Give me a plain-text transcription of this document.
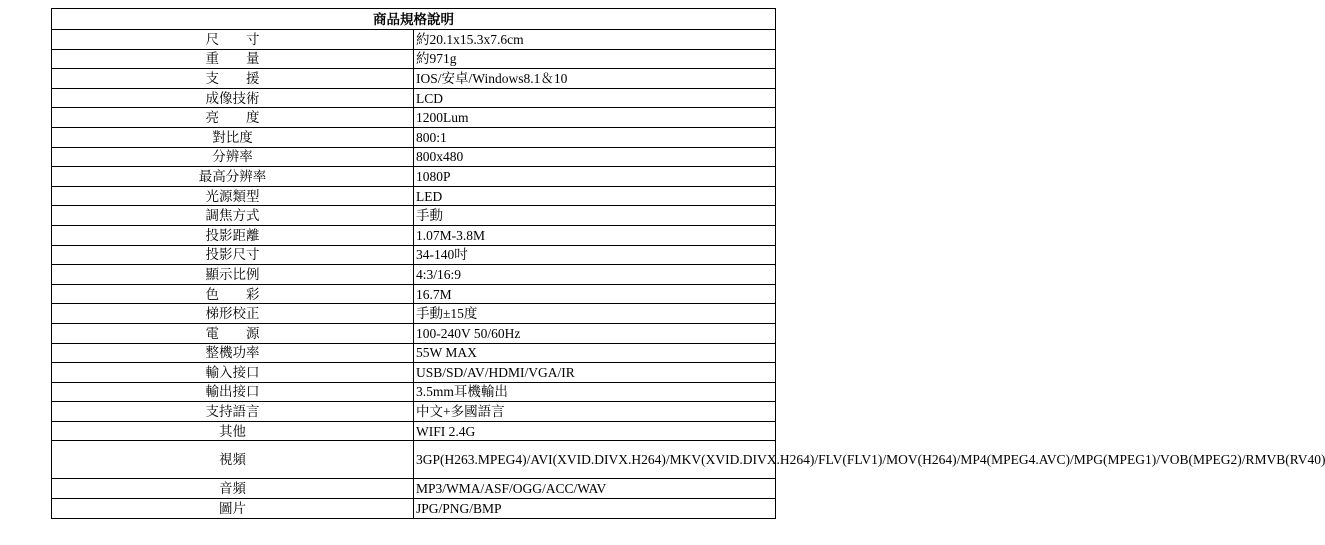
商品規格說明	
尺　　寸	約20.1x15.3x7.6cm
重　　量	約971g
支　　援	IOS/安卓/Windows8.1＆10
成像技術	LCD
亮　　度	1200Lum
對比度	800:1
分辨率	800x480
最高分辨率	1080P
光源類型	LED
調焦方式	手動
投影距離	1.07M-3.8M
投影尺寸	34-140吋
顯示比例	4:3/16:9
色　　彩	16.7M
梯形校正	手動±15度
電　　源	100-240V 50/60Hz
整機功率	55W MAX
輸入接口	USB/SD/AV/HDMI/VGA/IR
輸出接口	3.5mm耳機輸出
支持語言	中文+多國語言
其他	WIFI 2.4G
視頻	3GP(H263.MPEG4)/AVI(XVID.DIVX.H264)/MKV(XVID.DIVX.H264)/FLV(FLV1)/MOV(H264)/MP4(MPEG4.AVC)/MPG(MPEG1)/VOB(MPEG2)/RMVB(RV40)
音頻	MP3/WMA/ASF/OGG/ACC/WAV
圖片	JPG/PNG/BMP
